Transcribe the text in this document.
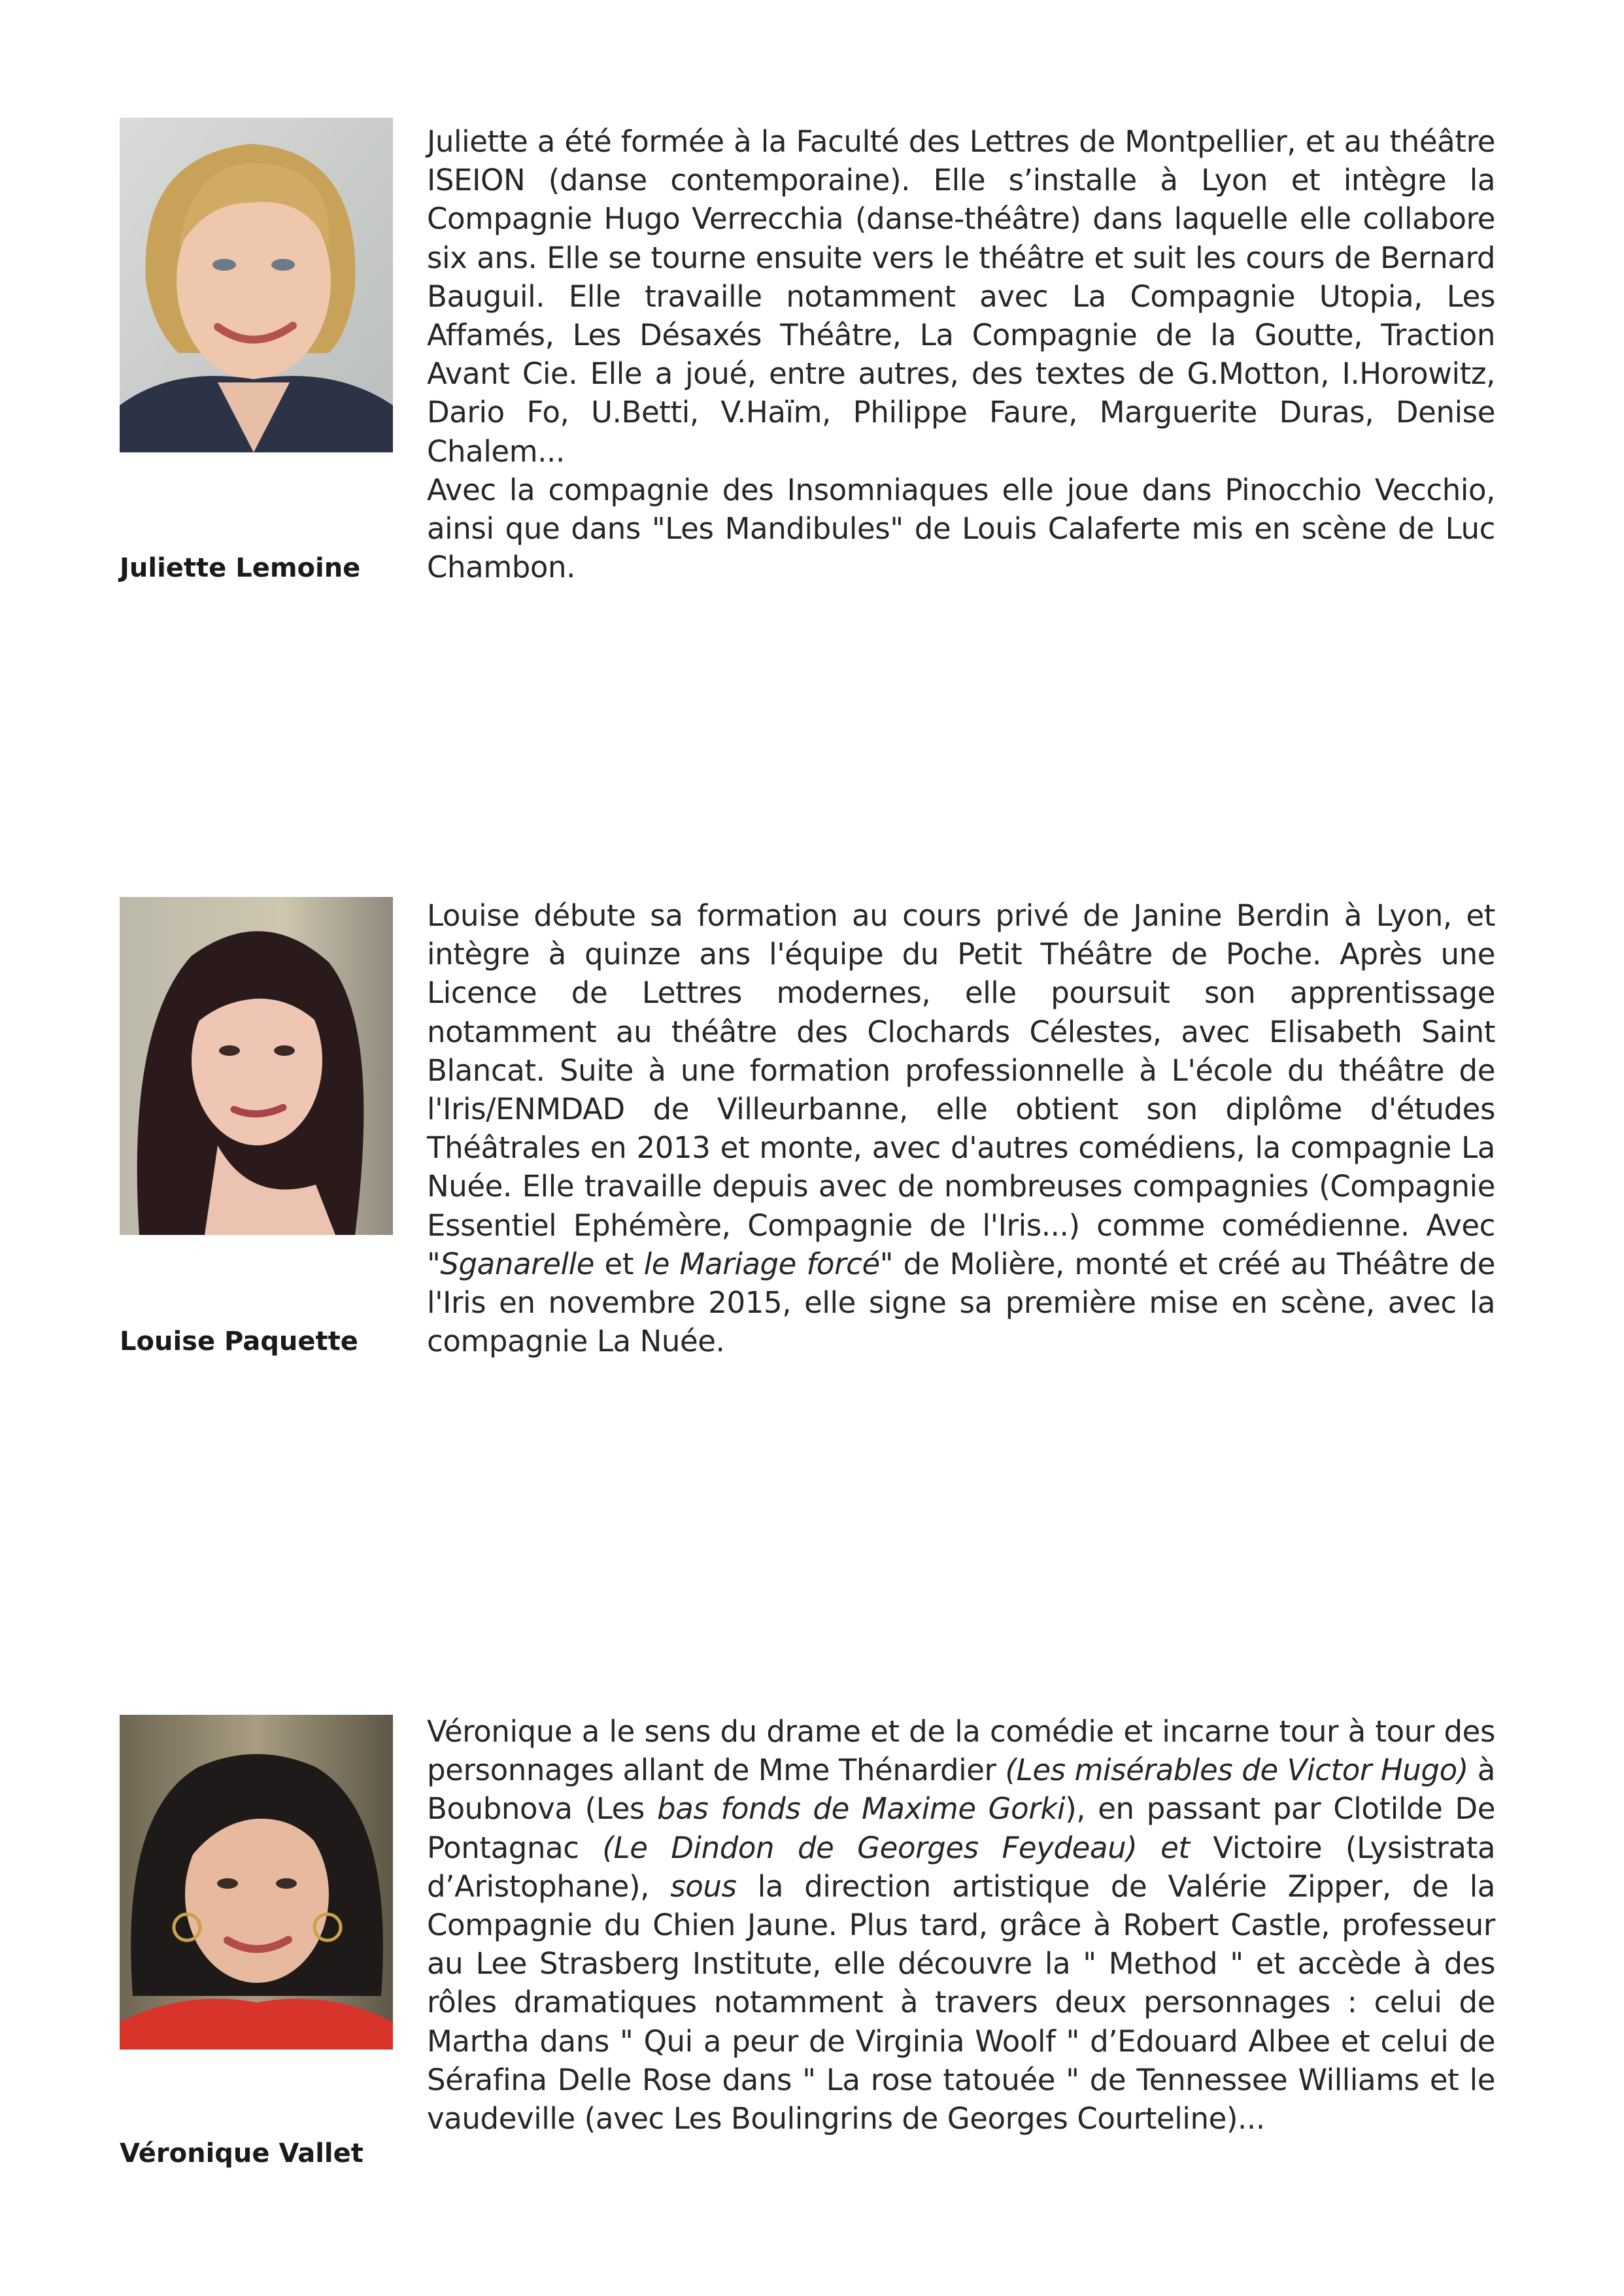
Juliette Lemoine

Juliette a été formée à la Faculté des Lettres de Montpellier, et au théâtre ISEION (danse contemporaine). Elle s’installe à Lyon et intègre la Compagnie Hugo Verrecchia (danse-théâtre) dans laquelle elle collabore six ans. Elle se tourne ensuite vers le théâtre et suit les cours de Bernard Bauguil. Elle travaille notamment avec La Compagnie Utopia, Les Affamés, Les Désaxés Théâtre, La Compagnie de la Goutte, Traction Avant Cie. Elle a joué, entre autres, des textes de G.Motton, I.Horowitz, Dario Fo, U.Betti, V.Haïm, Philippe Faure, Marguerite Duras, Denise Chalem...

Avec la compagnie des Insomniaques elle joue dans Pinocchio Vecchio, ainsi que dans "Les Mandibules" de Louis Calaferte mis en scène de Luc Chambon.

Louise Paquette

Louise débute sa formation au cours privé de Janine Berdin à Lyon, et intègre à quinze ans l'équipe du Petit Théâtre de Poche. Après une Licence de Lettres modernes, elle poursuit son apprentissage notamment au théâtre des Clochards Célestes, avec Elisabeth Saint Blancat. Suite à une formation professionnelle à L'école du théâtre de l'Iris/ENMDAD de Villeurbanne, elle obtient son diplôme d'études Théâtrales en 2013 et monte, avec d'autres comédiens, la compagnie La Nuée. Elle travaille depuis avec de nombreuses compagnies (Compagnie Essentiel Ephémère, Compagnie de l'Iris...) comme comédienne. Avec "Sganarelle et le Mariage forcé" de Molière, monté et créé au Théâtre de l'Iris en novembre 2015, elle signe sa première mise en scène, avec la compagnie La Nuée.

Véronique Vallet

Véronique a le sens du drame et de la comédie et incarne tour à tour des personnages allant de Mme Thénardier (Les misérables de Victor Hugo) à Boubnova (Les bas fonds de Maxime Gorki), en passant par Clotilde De Pontagnac (Le Dindon de Georges Feydeau) et Victoire (Lysistrata d’Aristophane), sous la direction artistique de Valérie Zipper, de la Compagnie du Chien Jaune. Plus tard, grâce à Robert Castle, professeur au Lee Strasberg Institute, elle découvre la " Method " et accède à des rôles dramatiques notamment à travers deux personnages : celui de Martha dans " Qui a peur de Virginia Woolf " d’Edouard Albee et celui de Sérafina Delle Rose dans " La rose tatouée " de Tennessee Williams et le vaudeville (avec Les Boulingrins de Georges Courteline)...
